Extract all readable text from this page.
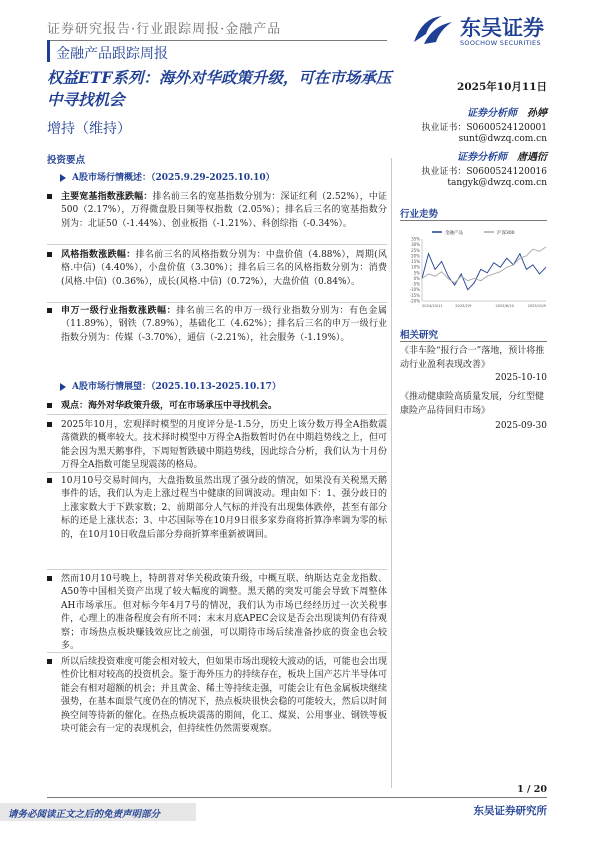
证券研究报告·行业跟踪周报·金融产品
金融产品跟踪周报
东吴证券
SOOCHOW SECURITIES
权益ETF系列：海外对华政策升级，可在市场承压中寻找机会
增持（维持）
2025年10月11日
证券分析师 孙婷
执业证书：S0600524120001
sunt@dwzq.com.cn
证券分析师 唐遇衍
执业证书：S0600524120016
tangyk@dwzq.com.cn
投资要点
A股市场行情概述：（2025.9.29-2025.10.10）
主要宽基指数涨跌幅：排名前三名的宽基指数分别为：深证红利（2.52%），中证500（2.17%），万得微盘股日频等权指数（2.05%）；排名后三名的宽基指数分别为：北证50（-1.44%）、创业板指（-1.21%）、科创综指（-0.34%）。
风格指数涨跌幅：排名前三名的风格指数分别为：中盘价值（4.88%），周期(风格.中信)（4.40%），小盘价值（3.30%）；排名后三名的风格指数分别为：消费(风格.中信)（0.36%），成长(风格.中信)（0.72%），大盘价值（0.84%）。
申万一级行业指数涨跌幅：排名前三名的申万一级行业指数分别为：有色金属（11.89%），钢铁（7.89%），基础化工（4.62%）；排名后三名的申万一级行业指数分别为：传媒（-3.70%），通信（-2.21%），社会服务（-1.19%）。
A股市场行情展望：（2025.10.13-2025.10.17）
观点：海外对华政策升级，可在市场承压中寻找机会。
2025年10月，宏观择时模型的月度评分是-1.5分，历史上该分数万得全A指数震荡微跌的概率较大。技术择时模型中万得全A指数暂时仍在中期趋势线之上，但可能会因为黑天鹅事件，下周短暂跌破中期趋势线，因此综合分析，我们认为十月份万得全A指数可能呈现震荡的格局。
10月10号交易时间内，大盘指数虽然出现了强分歧的情况，如果没有关税黑天鹅事件的话，我们认为走上涨过程当中健康的回调波动。理由如下：1、强分歧日的上涨家数大于下跌家数；2、前期部分人气标的并没有出现集体跌停，甚至有部分标的还是上涨状态；3、中芯国际等在10月9日很多家券商将折算净率调为零的标的，在10月10日收盘后部分券商折算率重新被调回。
然而10月10号晚上，特朗普对华关税政策升级，中概互联、纳斯达克金龙指数、A50等中国相关资产出现了较大幅度的调整。黑天鹅的突发可能会导致下周整体AH市场承压。但对标今年4月7号的情况，我们认为市场已经经历过一次关税事件，心理上的准备程度会有所不同；末末月底APEC会议是否会出现谈判仍有待观察；市场热点板块赚钱效应比之前强，可以期待市场后续准备抄底的资金也会较多。
所以后续投资难度可能会相对较大，但如果市场出现较大波动的话，可能也会出现性价比相对较高的投资机会。鉴于海外压力的持续存在，板块上国产芯片半导体可能会有相对超额的机会；并且黄金、稀土等持续走强，可能会让有色金属板块继续强势，在基本面景气度仍在的情况下，热点板块很快会稳的可能较大，然后以时间换空间等待新的催化。在热点板块震荡的期间，化工、煤炭、公用事业、钢铁等板块可能会有一定的表现机会，但持续性仍然需要观察。
行业走势
35%
30%
25%
20%
15%
10%
5%
0%
-5%
-10%
-15%
-20%
2024/10/11	2025/2/9	2025/6/10	2025/10/9
金融产品	沪深300
相关研究
《非车险“报行合一”落地，预计将推动行业盈利表现改善》
2025-10-10
《推动健康险高质量发展，分红型健康险产品待回归市场》
2025-09-30
1 / 20
请务必阅读正文之后的免责声明部分	东吴证券研究所
